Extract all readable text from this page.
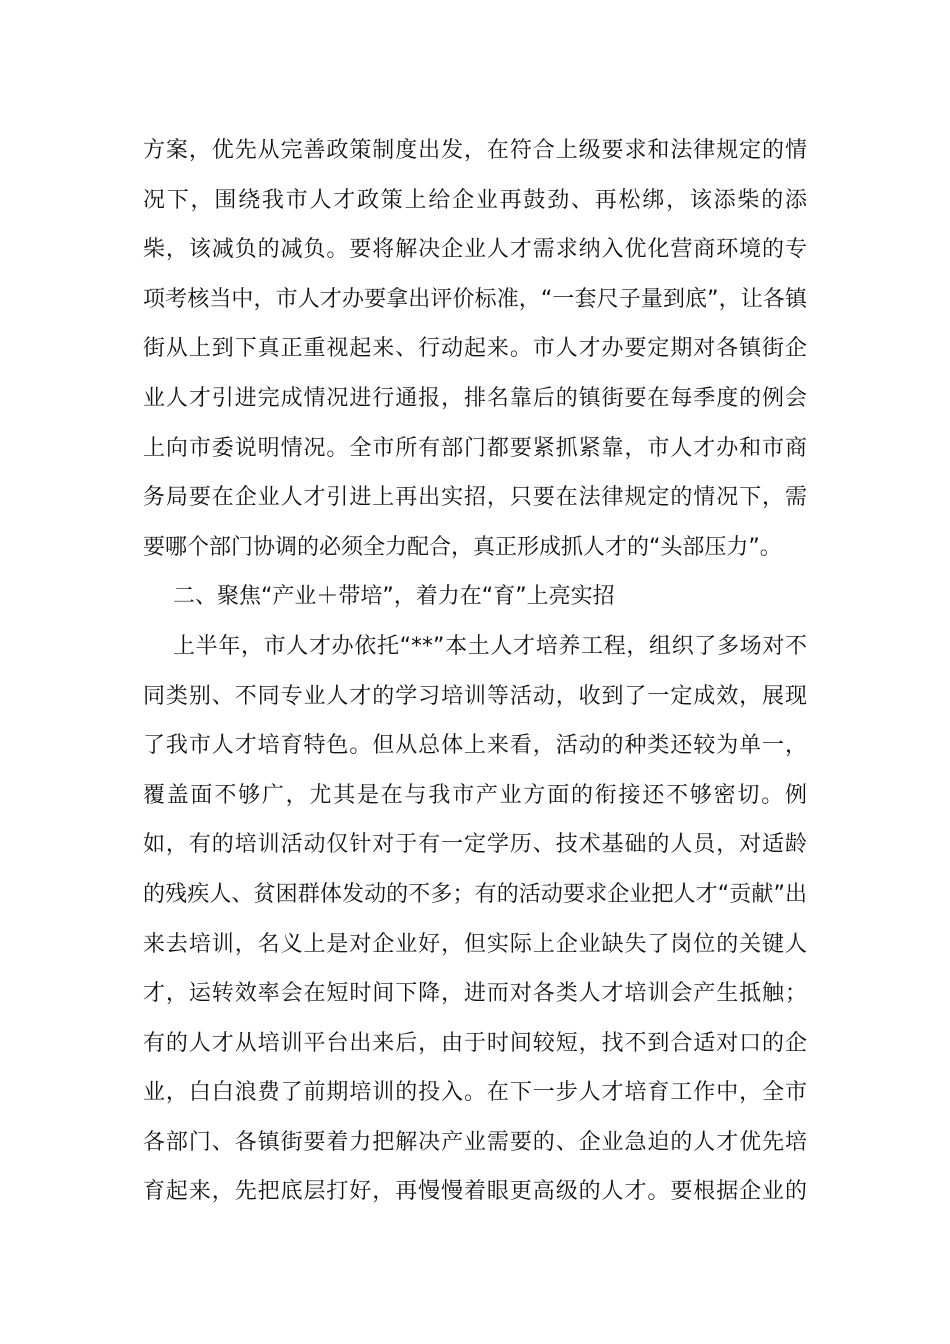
方案，优先从完善政策制度出发，在符合上级要求和法律规定的情
况下，围绕我市人才政策上给企业再鼓劲、再松绑，该添柴的添
柴，该减负的减负。要将解决企业人才需求纳入优化营商环境的专
项考核当中，市人才办要拿出评价标准，“一套尺子量到底”，让各镇
街从上到下真正重视起来、行动起来。市人才办要定期对各镇街企
业人才引进完成情况进行通报，排名靠后的镇街要在每季度的例会
上向市委说明情况。全市所有部门都要紧抓紧靠，市人才办和市商
务局要在企业人才引进上再出实招，只要在法律规定的情况下，需
要哪个部门协调的必须全力配合，真正形成抓人才的“头部压力”。
二、聚焦“产业＋带培”，着力在“育”上亮实招
上半年，市人才办依托“**”本土人才培养工程，组织了多场对不
同类别、不同专业人才的学习培训等活动，收到了一定成效，展现
了我市人才培育特色。但从总体上来看，活动的种类还较为单一，
覆盖面不够广，尤其是在与我市产业方面的衔接还不够密切。例
如，有的培训活动仅针对于有一定学历、技术基础的人员，对适龄
的残疾人、贫困群体发动的不多；有的活动要求企业把人才“贡献”出
来去培训，名义上是对企业好，但实际上企业缺失了岗位的关键人
才，运转效率会在短时间下降，进而对各类人才培训会产生抵触；
有的人才从培训平台出来后，由于时间较短，找不到合适对口的企
业，白白浪费了前期培训的投入。在下一步人才培育工作中，全市
各部门、各镇街要着力把解决产业需要的、企业急迫的人才优先培
育起来，先把底层打好，再慢慢着眼更高级的人才。要根据企业的
